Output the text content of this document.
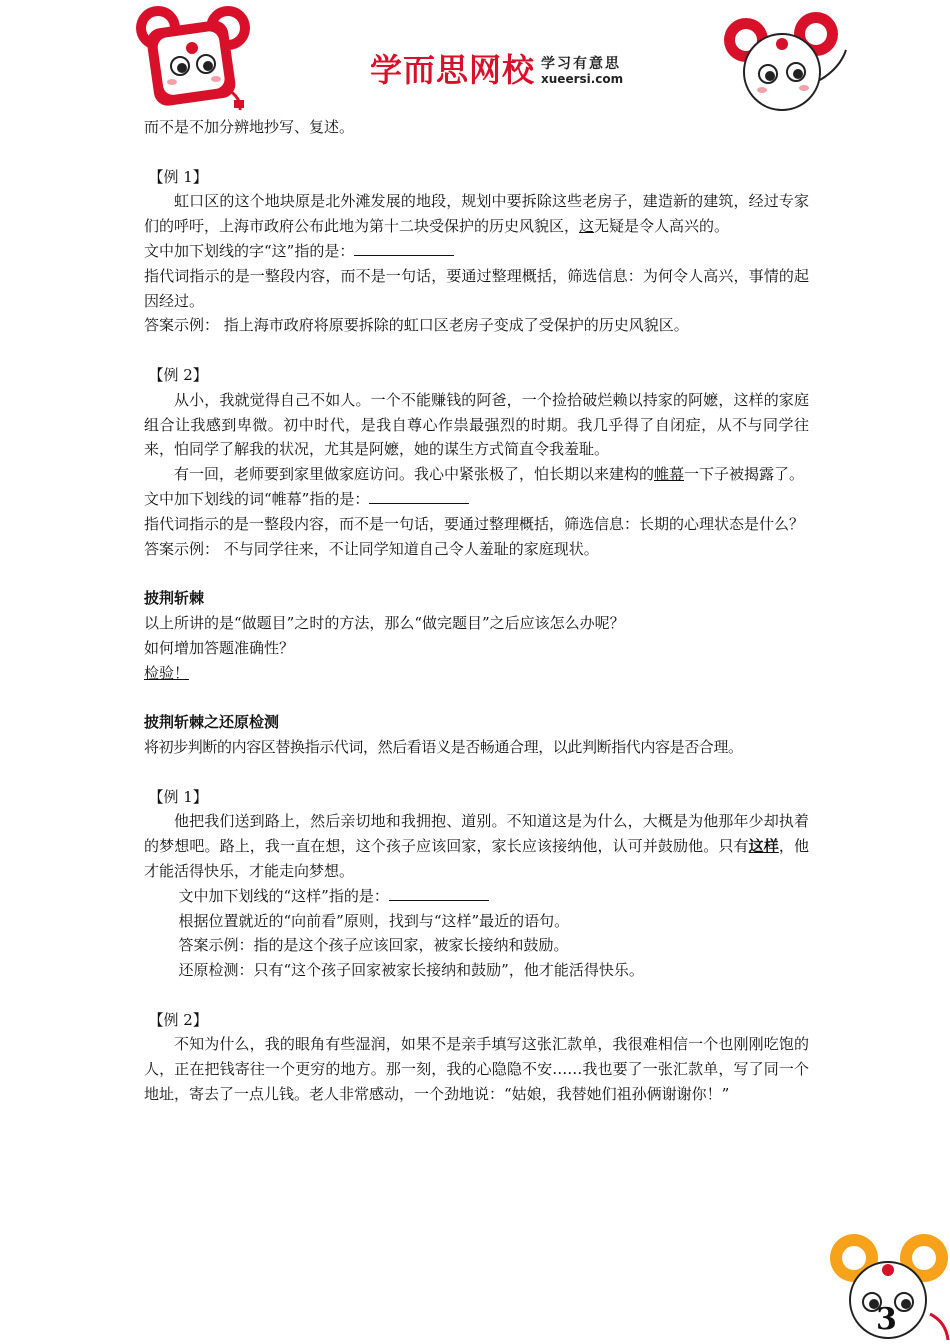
学而思网校 学习有意思
xueersi.com

而不是不加分辨地抄写、复述。

【例 1】

虹口区的这个地块原是北外滩发展的地段，规划中要拆除这些老房子，建造新的建筑，经过专家们的呼吁，上海市政府公布此地为第十二块受保护的历史风貌区，这无疑是令人高兴的。

文中加下划线的字“这”指的是：

指代词指示的是一整段内容，而不是一句话，要通过整理概括，筛选信息：为何令人高兴，事情的起因经过。

答案示例： 指上海市政府将原要拆除的虹口区老房子变成了受保护的历史风貌区。

【例 2】

从小，我就觉得自己不如人。一个不能赚钱的阿爸，一个捡拾破烂赖以持家的阿嬷，这样的家庭组合让我感到卑微。初中时代，是我自尊心作祟最强烈的时期。我几乎得了自闭症，从不与同学往来，怕同学了解我的状况，尤其是阿嬷，她的谋生方式简直令我羞耻。

有一回，老师要到家里做家庭访问。我心中紧张极了，怕长期以来建构的帷幕一下子被揭露了。

文中加下划线的词“帷幕”指的是：

指代词指示的是一整段内容，而不是一句话，要通过整理概括，筛选信息：长期的心理状态是什么？

答案示例： 不与同学往来，不让同学知道自己令人羞耻的家庭现状。

披荆斩棘

以上所讲的是“做题目”之时的方法，那么“做完题目”之后应该怎么办呢？

如何增加答题准确性？

检验！

披荆斩棘之还原检测

将初步判断的内容区替换指示代词，然后看语义是否畅通合理，以此判断指代内容是否合理。

【例 1】

他把我们送到路上，然后亲切地和我拥抱、道别。不知道这是为什么，大概是为他那年少却执着的梦想吧。路上，我一直在想，这个孩子应该回家，家长应该接纳他，认可并鼓励他。只有这样，他才能活得快乐，才能走向梦想。

文中加下划线的“这样”指的是：

根据位置就近的“向前看”原则，找到与“这样”最近的语句。

答案示例：指的是这个孩子应该回家，被家长接纳和鼓励。

还原检测：只有“这个孩子回家被家长接纳和鼓励”，他才能活得快乐。

【例 2】

不知为什么，我的眼角有些湿润，如果不是亲手填写这张汇款单，我很难相信一个也刚刚吃饱的人，正在把钱寄往一个更穷的地方。那一刻，我的心隐隐不安……我也要了一张汇款单，写了同一个地址，寄去了一点儿钱。老人非常感动，一个劲地说：“姑娘，我替她们祖孙俩谢谢你！”

3
